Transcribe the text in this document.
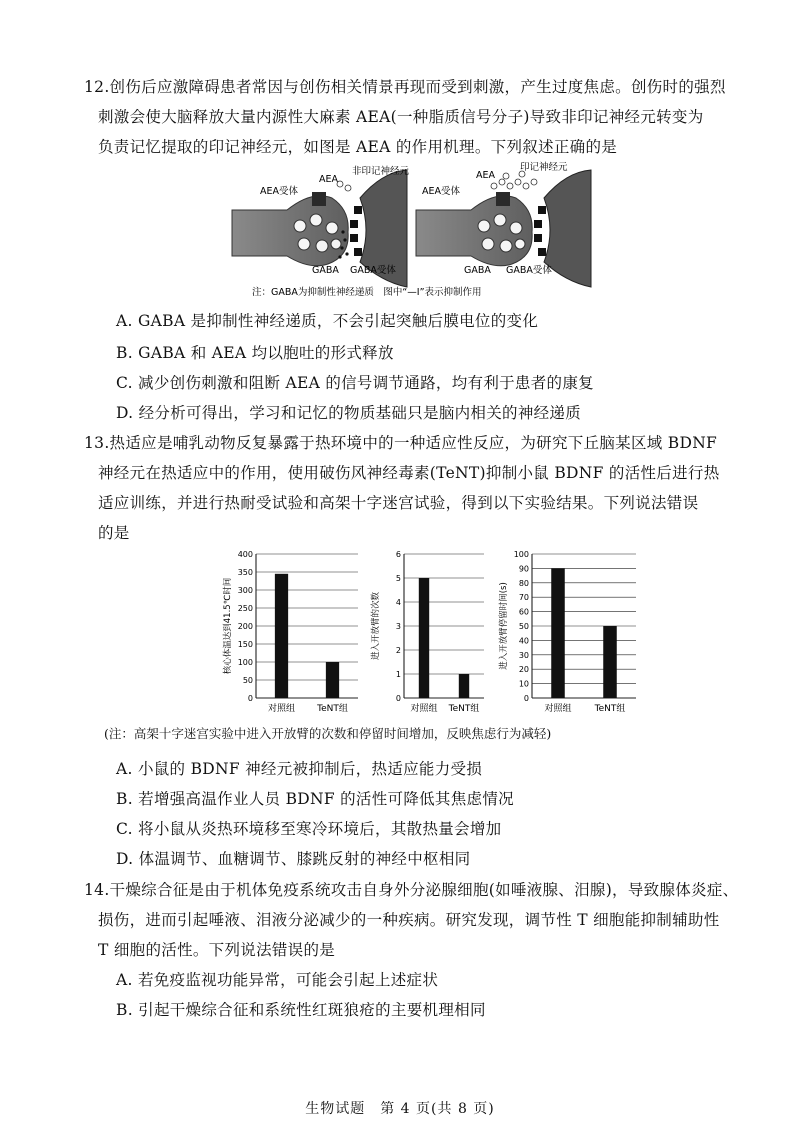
12.创伤后应激障碍患者常因与创伤相关情景再现而受到刺激，产生过度焦虑。创伤时的强烈
刺激会使大脑释放大量内源性大麻素 AEA(一种脂质信号分子)导致非印记神经元转变为
负责记忆提取的印记神经元，如图是 AEA 的作用机理。下列叙述正确的是
AEA受体
AEA
非印记神经元
GABA GABA受体
AEA受体
AEA
印记神经元
GABA GABA受体
注：GABA为抑制性神经递质　图中“—I”表示抑制作用
A. GABA 是抑制性神经递质，不会引起突触后膜电位的变化
B. GABA 和 AEA 均以胞吐的形式释放
C. 减少创伤刺激和阻断 AEA 的信号调节通路，均有利于患者的康复
D. 经分析可得出，学习和记忆的物质基础只是脑内相关的神经递质
13.热适应是哺乳动物反复暴露于热环境中的一种适应性反应，为研究下丘脑某区域 BDNF
神经元在热适应中的作用，使用破伤风神经毒素(TeNT)抑制小鼠 BDNF 的活性后进行热
适应训练，并进行热耐受试验和高架十字迷宫试验，得到以下实验结果。下列说法错误
的是
0
50
100
150
200
250
300
350
400
核心体温达到41.5℃时间
对照组 TeNT组
0
1
2
3
4
5
6
进入开放臂的次数
对照组 TeNT组
0
10
20
30
40
50
60
70
80
90
100
进入开放臂停留时间(s)
对照组	TeNT组
(注：高架十字迷宫实验中进入开放臂的次数和停留时间增加，反映焦虑行为减轻)
A. 小鼠的 BDNF 神经元被抑制后，热适应能力受损
B. 若增强高温作业人员 BDNF 的活性可降低其焦虑情况
C. 将小鼠从炎热环境移至寒冷环境后，其散热量会增加
D. 体温调节、血糖调节、膝跳反射的神经中枢相同
14.干燥综合征是由于机体免疫系统攻击自身外分泌腺细胞(如唾液腺、汨腺)，导致腺体炎症、
损伤，进而引起唾液、泪液分泌减少的一种疾病。研究发现，调节性 T 细胞能抑制辅助性
T 细胞的活性。下列说法错误的是
A. 若免疫监视功能异常，可能会引起上述症状
B. 引起干燥综合征和系统性红斑狼疮的主要机理相同
生物试题　第 4 页(共 8 页)
